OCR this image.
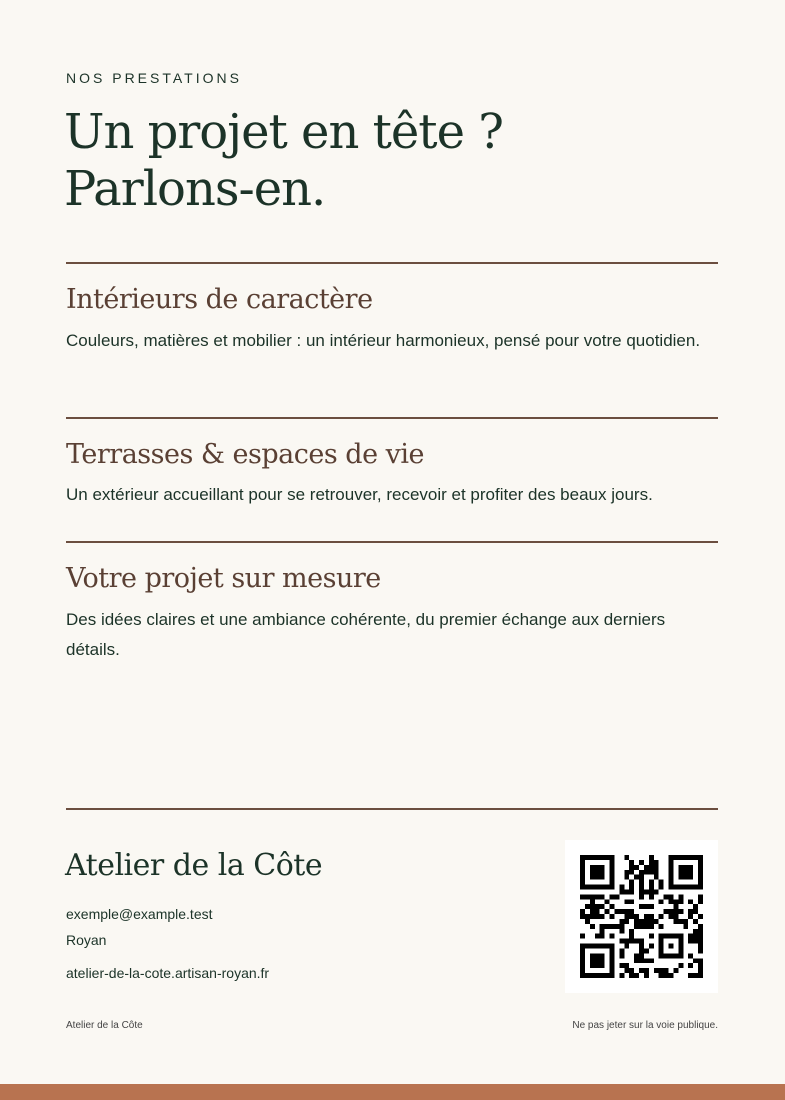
NOS PRESTATIONS
Un projet en tête ?
Parlons-en.
Intérieurs de caractère

Couleurs, matières et mobilier : un intérieur harmonieux, pensé pour votre quotidien.

Terrasses & espaces de vie

Un extérieur accueillant pour se retrouver, recevoir et profiter des beaux jours.

Votre projet sur mesure

Des idées claires et une ambiance cohérente, du premier échange aux derniers détails.

Atelier de la Côte
exemple@example.test
Royan
atelier-de-la-cote.artisan-royan.fr
Atelier de la Côte	Ne pas jeter sur la voie publique.
